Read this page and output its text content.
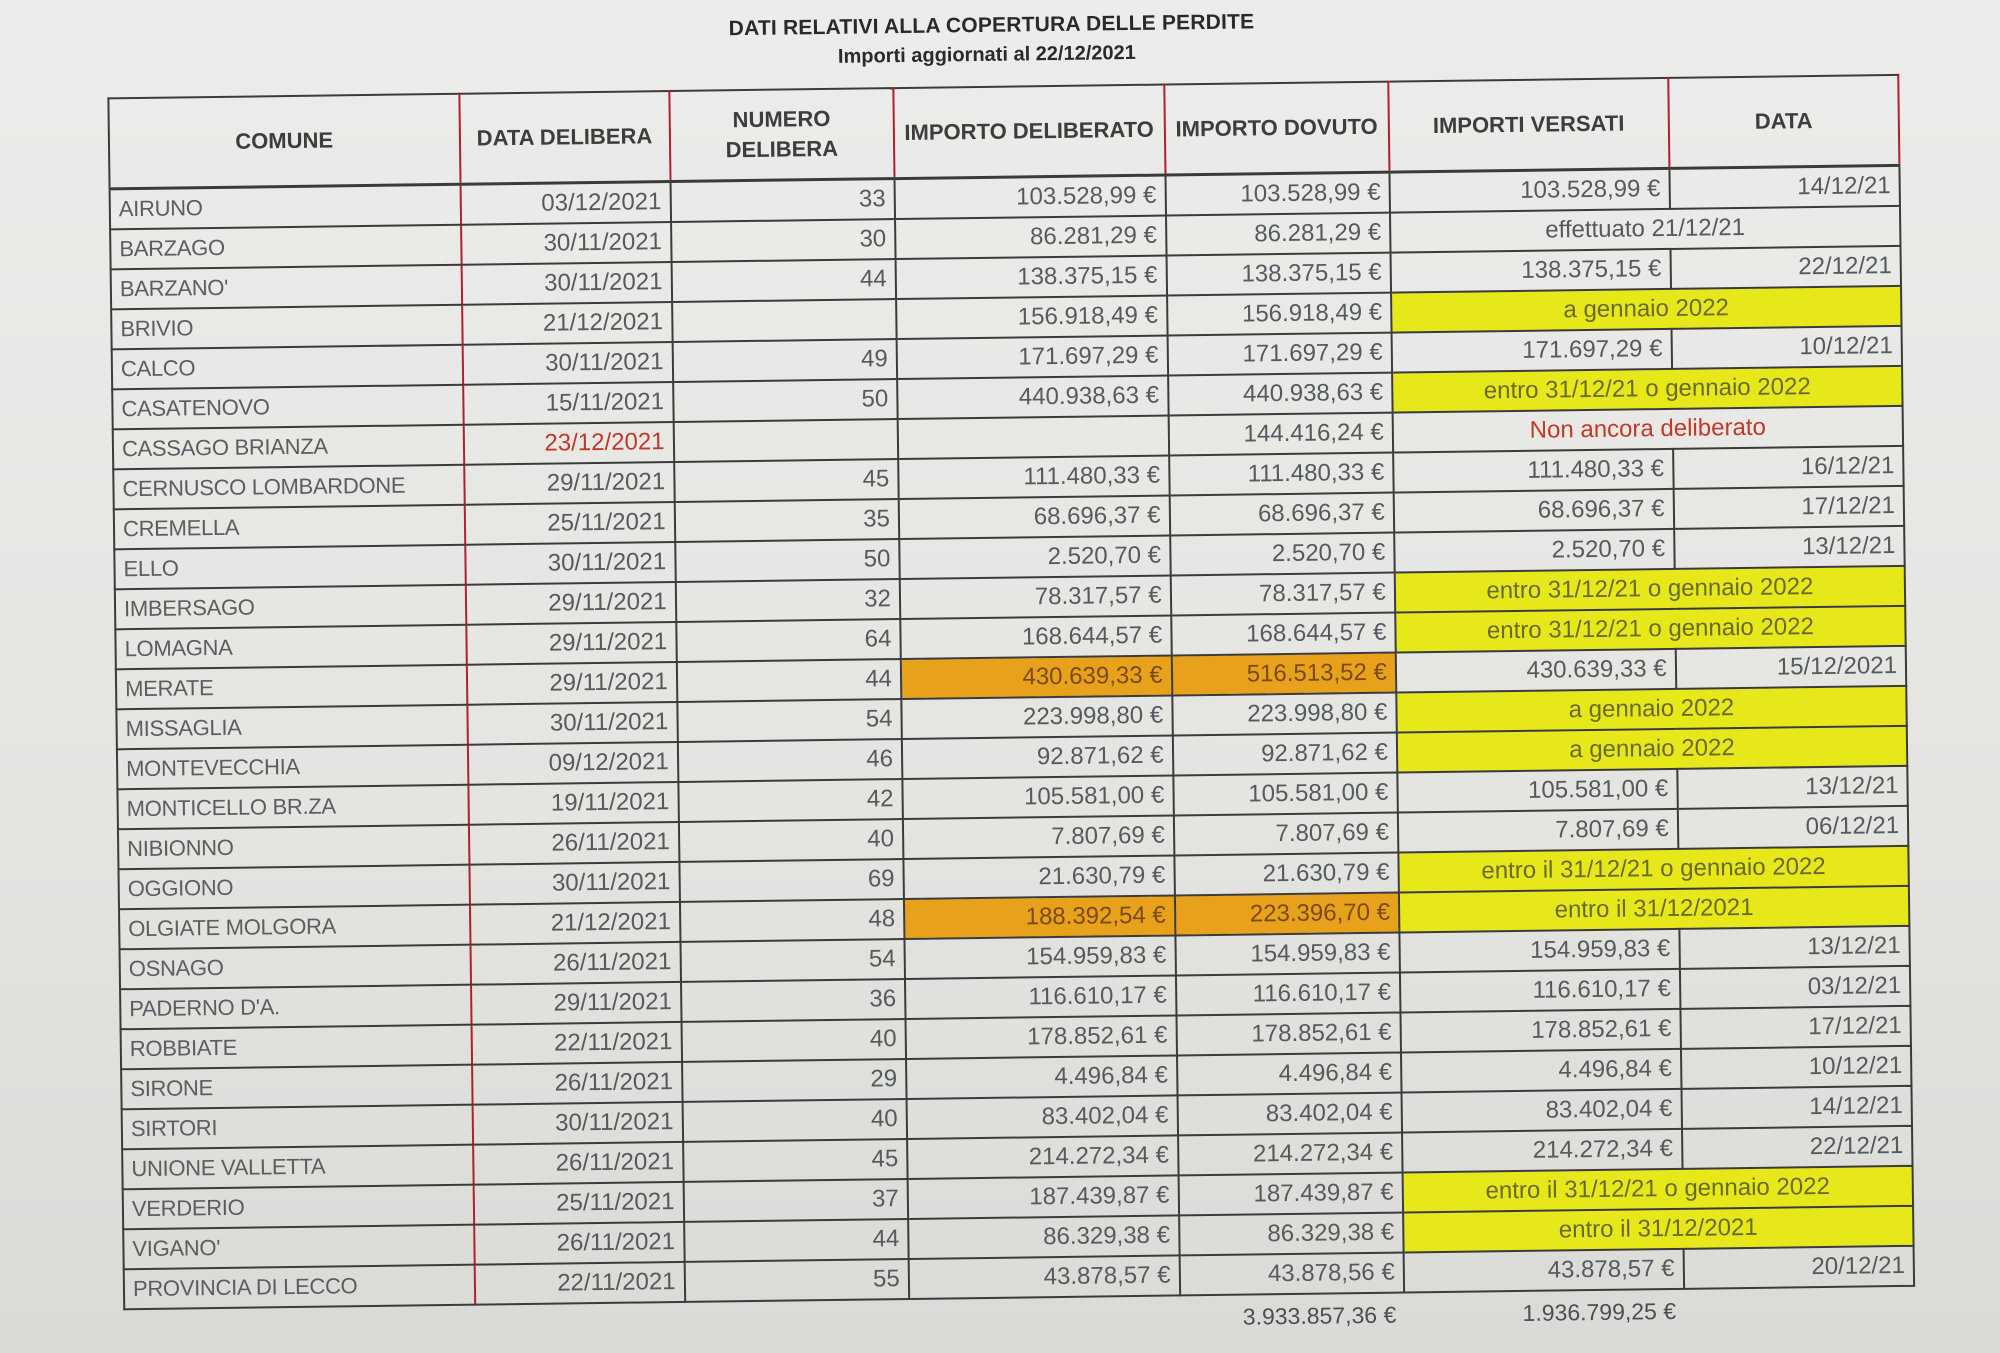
DATI RELATIVI ALLA COPERTURA DELLE PERDITE
Importi aggiornati al 22/12/2021
COMUNE	DATA DELIBERA	NUMERO DELIBERA	IMPORTO DELIBERATO	IMPORTO DOVUTO	IMPORTI VERSATI	DATA
AIRUNO	03/12/2021	33	103.528,99 €	103.528,99 €	103.528,99 €	14/12/21
BARZAGO	30/11/2021	30	86.281,29 €	86.281,29 €	effettuato 21/12/21	
BARZANO'	30/11/2021	44	138.375,15 €	138.375,15 €	138.375,15 €	22/12/21
BRIVIO	21/12/2021		156.918,49 €	156.918,49 €	a gennaio 2022	
CALCO	30/11/2021	49	171.697,29 €	171.697,29 €	171.697,29 €	10/12/21
CASATENOVO	15/11/2021	50	440.938,63 €	440.938,63 €	entro 31/12/21 o gennaio 2022	
CASSAGO BRIANZA	23/12/2021			144.416,24 €	Non ancora deliberato	
CERNUSCO LOMBARDONE	29/11/2021	45	111.480,33 €	111.480,33 €	111.480,33 €	16/12/21
CREMELLA	25/11/2021	35	68.696,37 €	68.696,37 €	68.696,37 €	17/12/21
ELLO	30/11/2021	50	2.520,70 €	2.520,70 €	2.520,70 €	13/12/21
IMBERSAGO	29/11/2021	32	78.317,57 €	78.317,57 €	entro 31/12/21 o gennaio 2022	
LOMAGNA	29/11/2021	64	168.644,57 €	168.644,57 €	entro 31/12/21 o gennaio 2022	
MERATE	29/11/2021	44	430.639,33 €	516.513,52 €	430.639,33 €	15/12/2021
MISSAGLIA	30/11/2021	54	223.998,80 €	223.998,80 €	a gennaio 2022	
MONTEVECCHIA	09/12/2021	46	92.871,62 €	92.871,62 €	a gennaio 2022	
MONTICELLO BR.ZA	19/11/2021	42	105.581,00 €	105.581,00 €	105.581,00 €	13/12/21
NIBIONNO	26/11/2021	40	7.807,69 €	7.807,69 €	7.807,69 €	06/12/21
OGGIONO	30/11/2021	69	21.630,79 €	21.630,79 €	entro il 31/12/21 o gennaio 2022	
OLGIATE MOLGORA	21/12/2021	48	188.392,54 €	223.396,70 €	entro il 31/12/2021	
OSNAGO	26/11/2021	54	154.959,83 €	154.959,83 €	154.959,83 €	13/12/21
PADERNO D'A.	29/11/2021	36	116.610,17 €	116.610,17 €	116.610,17 €	03/12/21
ROBBIATE	22/11/2021	40	178.852,61 €	178.852,61 €	178.852,61 €	17/12/21
SIRONE	26/11/2021	29	4.496,84 €	4.496,84 €	4.496,84 €	10/12/21
SIRTORI	30/11/2021	40	83.402,04 €	83.402,04 €	83.402,04 €	14/12/21
UNIONE VALLETTA	26/11/2021	45	214.272,34 €	214.272,34 €	214.272,34 €	22/12/21
VERDERIO	25/11/2021	37	187.439,87 €	187.439,87 €	entro il 31/12/21 o gennaio 2022	
VIGANO'	26/11/2021	44	86.329,38 €	86.329,38 €	entro il 31/12/2021	
PROVINCIA DI LECCO	22/11/2021	55	43.878,57 €	43.878,56 €	43.878,57 €	20/12/21
				3.933.857,36 €	1.936.799,25 €	
